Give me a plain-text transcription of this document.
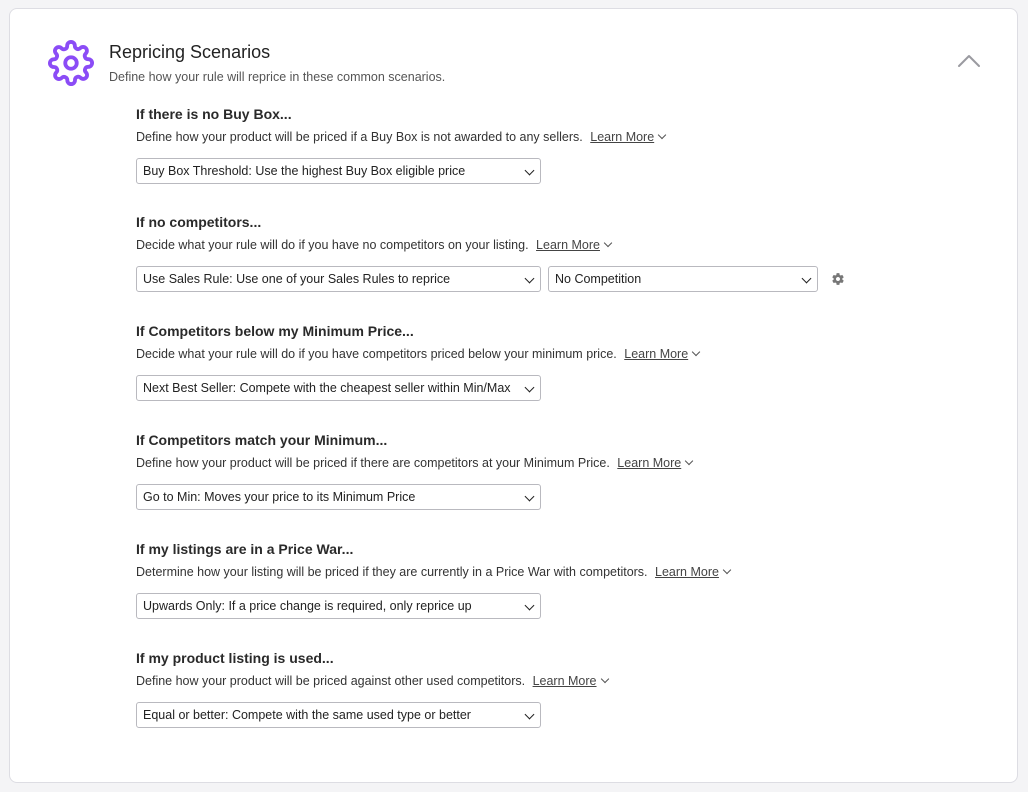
Repricing Scenarios
Define how your rule will reprice in these common scenarios.
If there is no Buy Box...
Define how your product will be priced if a Buy Box is not awarded to any sellers. Learn More
Buy Box Threshold: Use the highest Buy Box eligible price
If no competitors...
Decide what your rule will do if you have no competitors on your listing. Learn More
Use Sales Rule: Use one of your Sales Rules to reprice	No Competition
If Competitors below my Minimum Price...
Decide what your rule will do if you have competitors priced below your minimum price. Learn More
Next Best Seller: Compete with the cheapest seller within Min/Max
If Competitors match your Minimum...
Define how your product will be priced if there are competitors at your Minimum Price. Learn More
Go to Min: Moves your price to its Minimum Price
If my listings are in a Price War...
Determine how your listing will be priced if they are currently in a Price War with competitors. Learn More
Upwards Only: If a price change is required, only reprice up
If my product listing is used...
Define how your product will be priced against other used competitors. Learn More
Equal or better: Compete with the same used type or better
